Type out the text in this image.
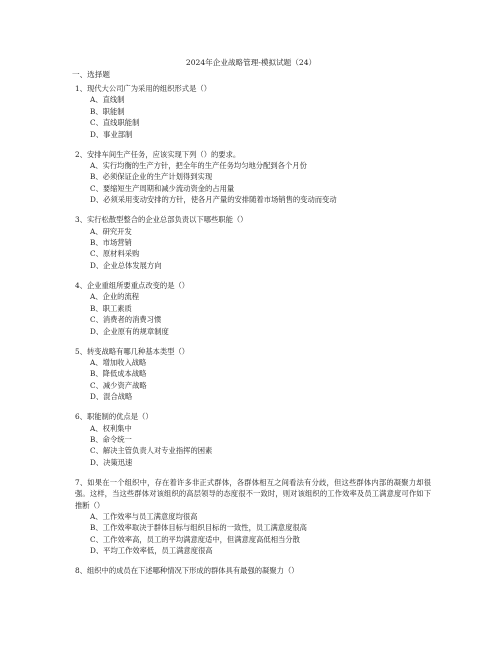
2024年企业战略管理-模拟试题（24）
一、选择题

1、现代大公司广为采用的组织形式是（）

A、直线制

B、职能制

C、直线职能制

D、事业部制

2、安排车间生产任务，应该实现下列（）的要求。

A、实行均衡的生产方针，把全年的生产任务均匀地分配到各个月份

B、必须保证企业的生产计划得到实现

C、要缩短生产周期和减少流动资金的占用量

D、必须采用变动安排的方针，使各月产量的安排随着市场销售的变动而变动

3、实行松散型整合的企业总部负责以下哪些职能（）

A、研究开发

B、市场营销

C、原材料采购

D、企业总体发展方向

4、企业重组所要重点改变的是（）

A、企业的流程

B、职工素质

C、消费者的消费习惯

D、企业原有的规章制度

5、转变战略有哪几种基本类型（）

A、增加收入战略

B、降低成本战略

C、减少资产战略

D、混合战略

6、职能制的优点是（）

A、权利集中

B、命令统一

C、解决主管负责人对专业指挥的困素

D、决策迅速

7、如果在一个组织中，存在着许多非正式群体，各群体相互之间看法有分歧，但这些群体内部的凝聚力却很强。这样，当这些群体对该组织的高层领导的态度很不一致时，则对该组织的工作效率及员工满意度可作如下推断（）

A、工作效率与员工满意度均很高

B、工作效率取决于群体目标与组织目标的一致性，员工满意度很高

C、工作效率高，员工的平均满意度适中，但满意度高低相当分散

D、平均工作效率低，员工满意度很高

8、组织中的成员在下述哪种情况下形成的群体具有最强的凝聚力（）
